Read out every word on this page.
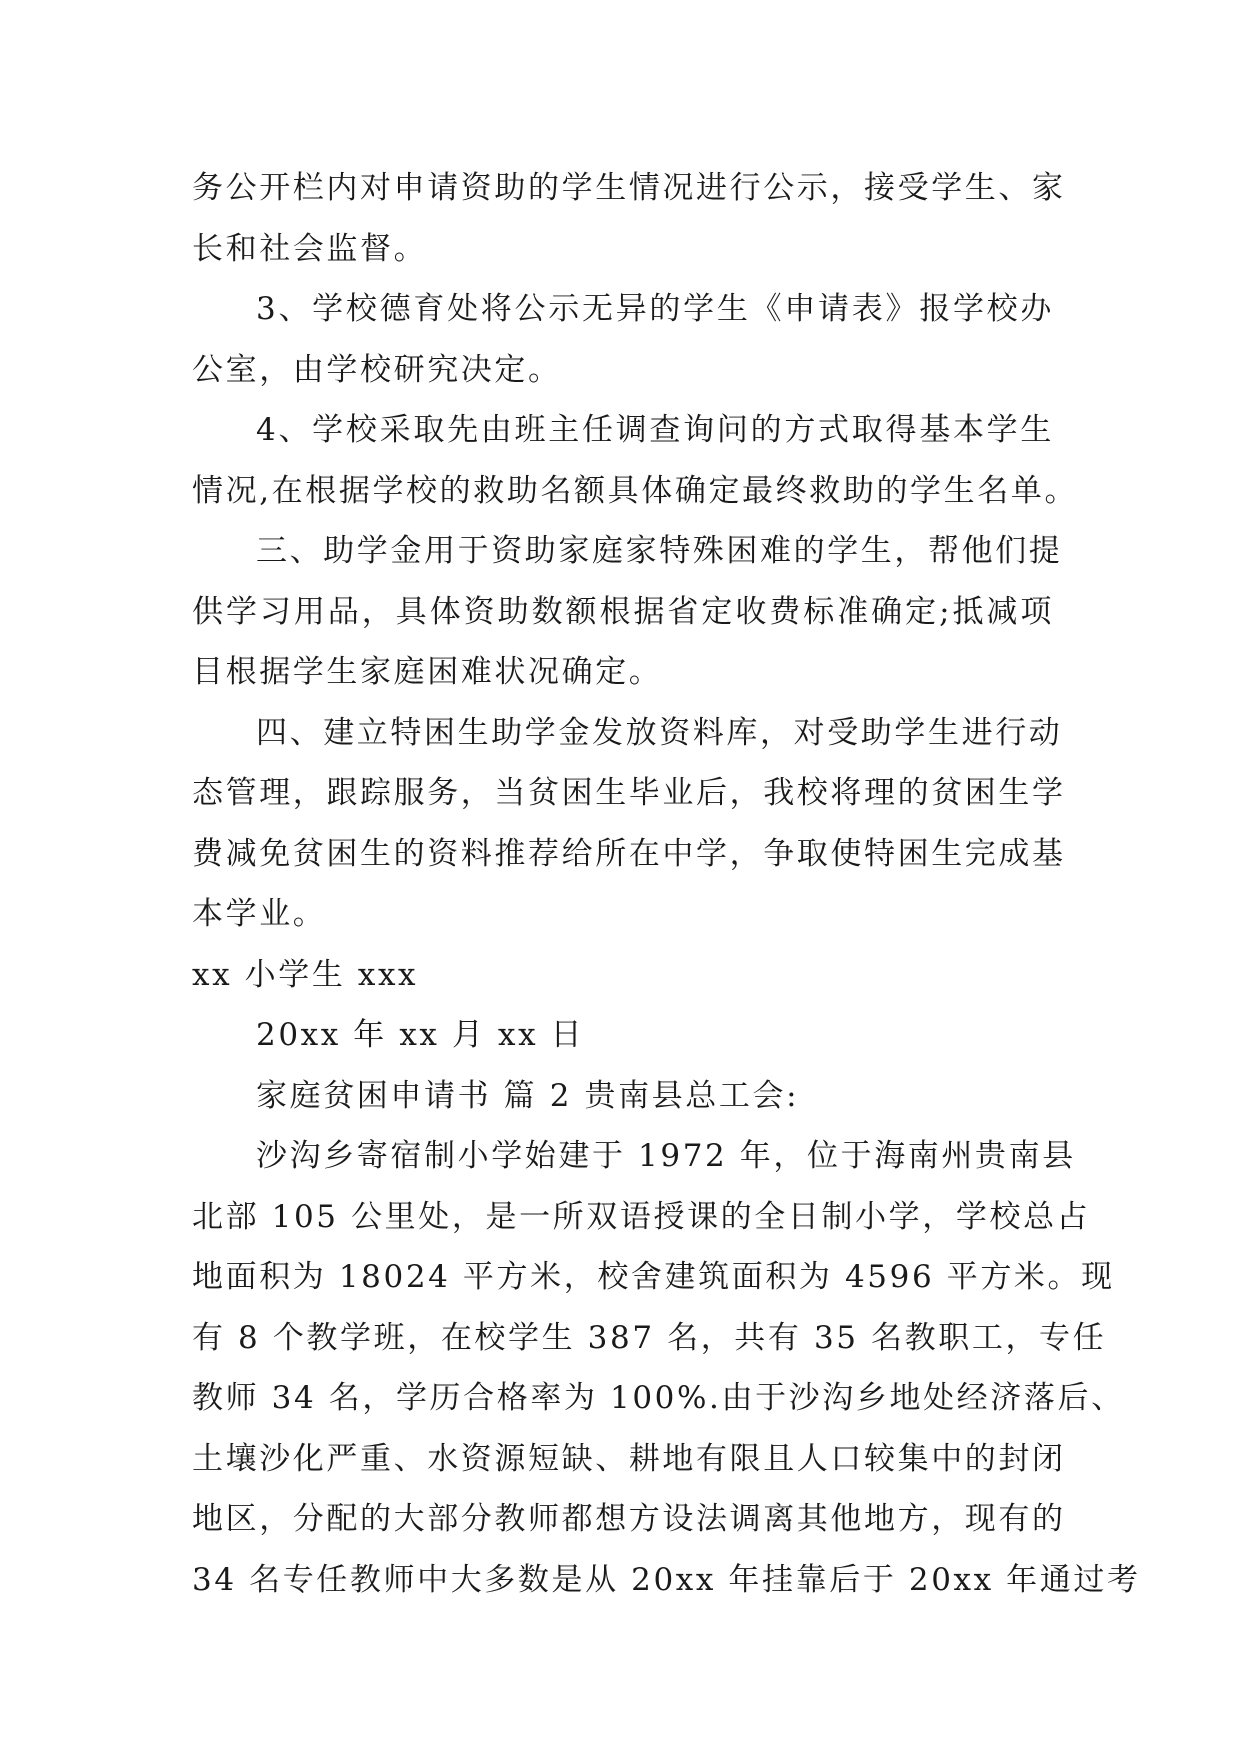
务公开栏内对申请资助的学生情况进行公示，接受学生、家
长和社会监督。
3、学校德育处将公示无异的学生《申请表》报学校办
公室，由学校研究决定。
4、学校采取先由班主任调查询问的方式取得基本学生
情况,在根据学校的救助名额具体确定最终救助的学生名单。
三、助学金用于资助家庭家特殊困难的学生，帮他们提
供学习用品，具体资助数额根据省定收费标准确定;抵减项
目根据学生家庭困难状况确定。
四、建立特困生助学金发放资料库，对受助学生进行动
态管理，跟踪服务，当贫困生毕业后，我校将理的贫困生学
费减免贫困生的资料推荐给所在中学，争取使特困生完成基
本学业。
xx 小学生 xxx
20xx 年 xx 月 xx 日
家庭贫困申请书 篇 2 贵南县总工会:
沙沟乡寄宿制小学始建于 1972 年，位于海南州贵南县
北部 105 公里处，是一所双语授课的全日制小学，学校总占
地面积为 18024 平方米，校舍建筑面积为 4596 平方米。现
有 8 个教学班，在校学生 387 名，共有 35 名教职工，专任
教师 34 名，学历合格率为 100%.由于沙沟乡地处经济落后、
土壤沙化严重、水资源短缺、耕地有限且人口较集中的封闭
地区，分配的大部分教师都想方设法调离其他地方，现有的
34 名专任教师中大多数是从 20xx 年挂靠后于 20xx 年通过考
